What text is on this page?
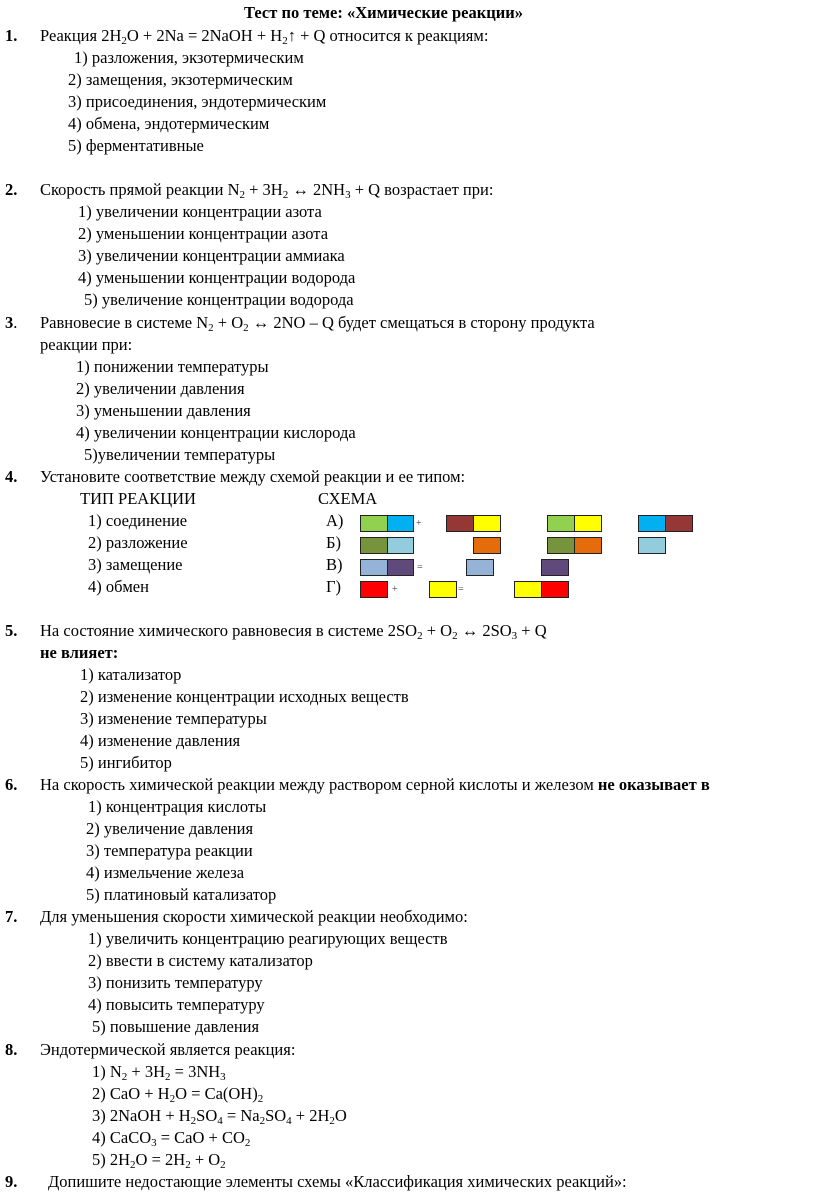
Тест по теме: «Химические реакции»
1. Реакция $2H_2O + 2Na$ = 2NaOH + $H_2↑ + Q$ относится к реакциям:
1) разложения, экзотермическим
2) замещения, экзотермическим
3) присоединения, эндотермическим
4) обмена, эндотермическим
5) ферментативные
2. Скорость прямой реакции $N_2 + 3H_2$ ↔ $2NH_3 + Q$ возрастает при:
1) увеличении концентрации азота
2) уменьшении концентрации азота
3) увеличении концентрации аммиака
4) уменьшении концентрации водорода
5) увеличение концентрации водорода
3. Равновесие в системе $N_2 + O_2$ ↔ 2NO – Q будет смещаться в сторону продукта
реакции при:
1) понижении температуры
2) увеличении давления
3) уменьшении давления
4) увеличении концентрации кислорода
5)увеличении температуры
4. Установите соответствие между схемой реакции и ее типом:
ТИП РЕАКЦИИ	СХЕМА
1) соединение
2) разложение
3) замещение
4) обмен
А)
Б)
В)
Г)
+
=
+	=
5. На состояние химического равновесия в системе $2SO_2 + O_2$ ↔ $2SO_3 + Q$
не влияет:
1) катализатор
2) изменение концентрации исходных веществ
3) изменение температуры
4) изменение давления
5) ингибитор
6. На скорость химической реакции между раствором серной кислоты и железом не оказывает в
1) концентрация кислоты
2) увеличение давления
3) температура реакции
4) измельчение железа
5) платиновый катализатор
7. Для уменьшения скорости химической реакции необходимо:
1) увеличить концентрацию реагирующих веществ
2) ввести в систему катализатор
3) понизить температуру
4) повысить температуру
5) повышение давления
8. Эндотермической является реакция:
1) $N_2 + 3H_2 = 3NH_3$
2) CaO + $H_2O = Ca(OH)_2$
3) 2NaOH + $H_2SO_4 = Na_2SO_4 + 2H_2O$
4) CaCO$_3$ = CaO + $CO_2$
5) $2H_2O = 2H_2 + O_2$
9. Допишите недостающие элементы схемы «Классификация химических реакций»:
